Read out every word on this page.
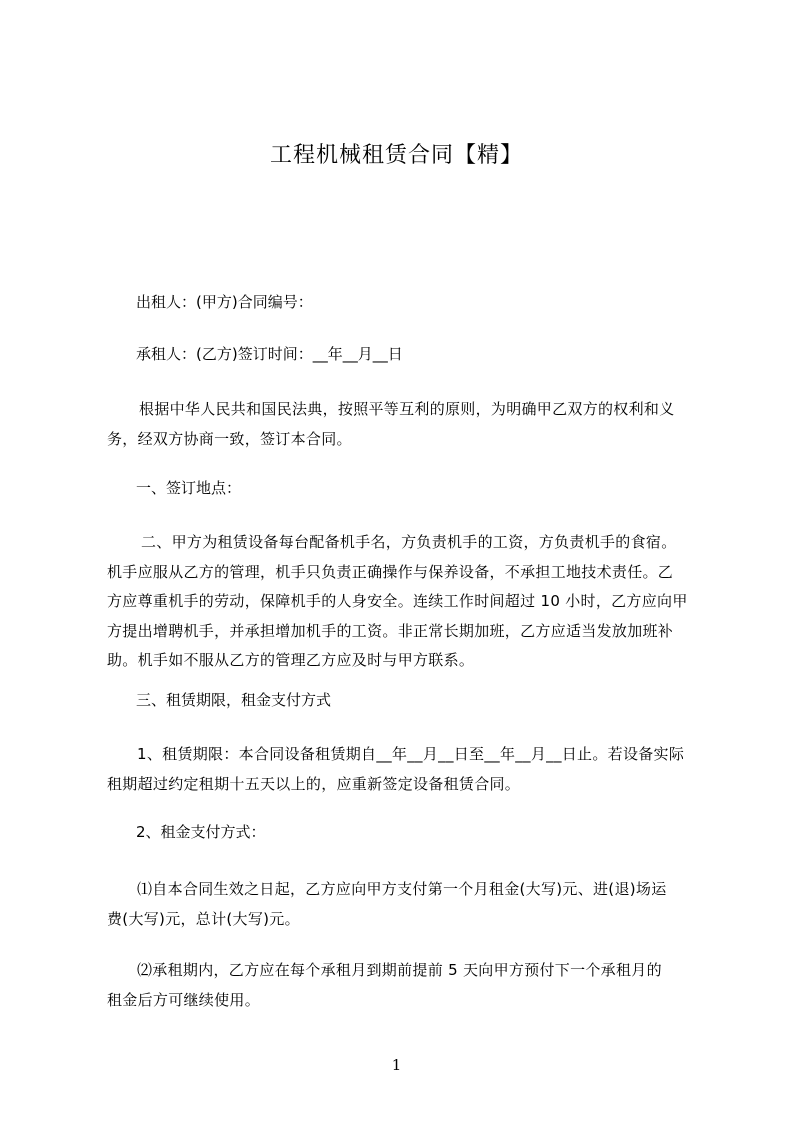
工程机械租赁合同【精】
出租人：(甲方)合同编号：
承租人：(乙方)签订时间：__年__月__日
根据中华人民共和国民法典，按照平等互利的原则，为明确甲乙双方的权利和义
务，经双方协商一致，签订本合同。
一、签订地点：
二、甲方为租赁设备每台配备机手名，方负责机手的工资，方负责机手的食宿。
机手应服从乙方的管理，机手只负责正确操作与保养设备，不承担工地技术责任。乙
方应尊重机手的劳动，保障机手的人身安全。连续工作时间超过 10 小时，乙方应向甲
方提出增聘机手，并承担增加机手的工资。非正常长期加班，乙方应适当发放加班补
助。机手如不服从乙方的管理乙方应及时与甲方联系。
三、租赁期限，租金支付方式
1、租赁期限：本合同设备租赁期自__年__月__日至__年__月__日止。若设备实际
租期超过约定租期十五天以上的，应重新签定设备租赁合同。
2、租金支付方式：
⑴自本合同生效之日起，乙方应向甲方支付第一个月租金(大写)元、进(退)场运
费(大写)元，总计(大写)元。
⑵承租期内，乙方应在每个承租月到期前提前 5 天向甲方预付下一个承租月的
租金后方可继续使用。
1
